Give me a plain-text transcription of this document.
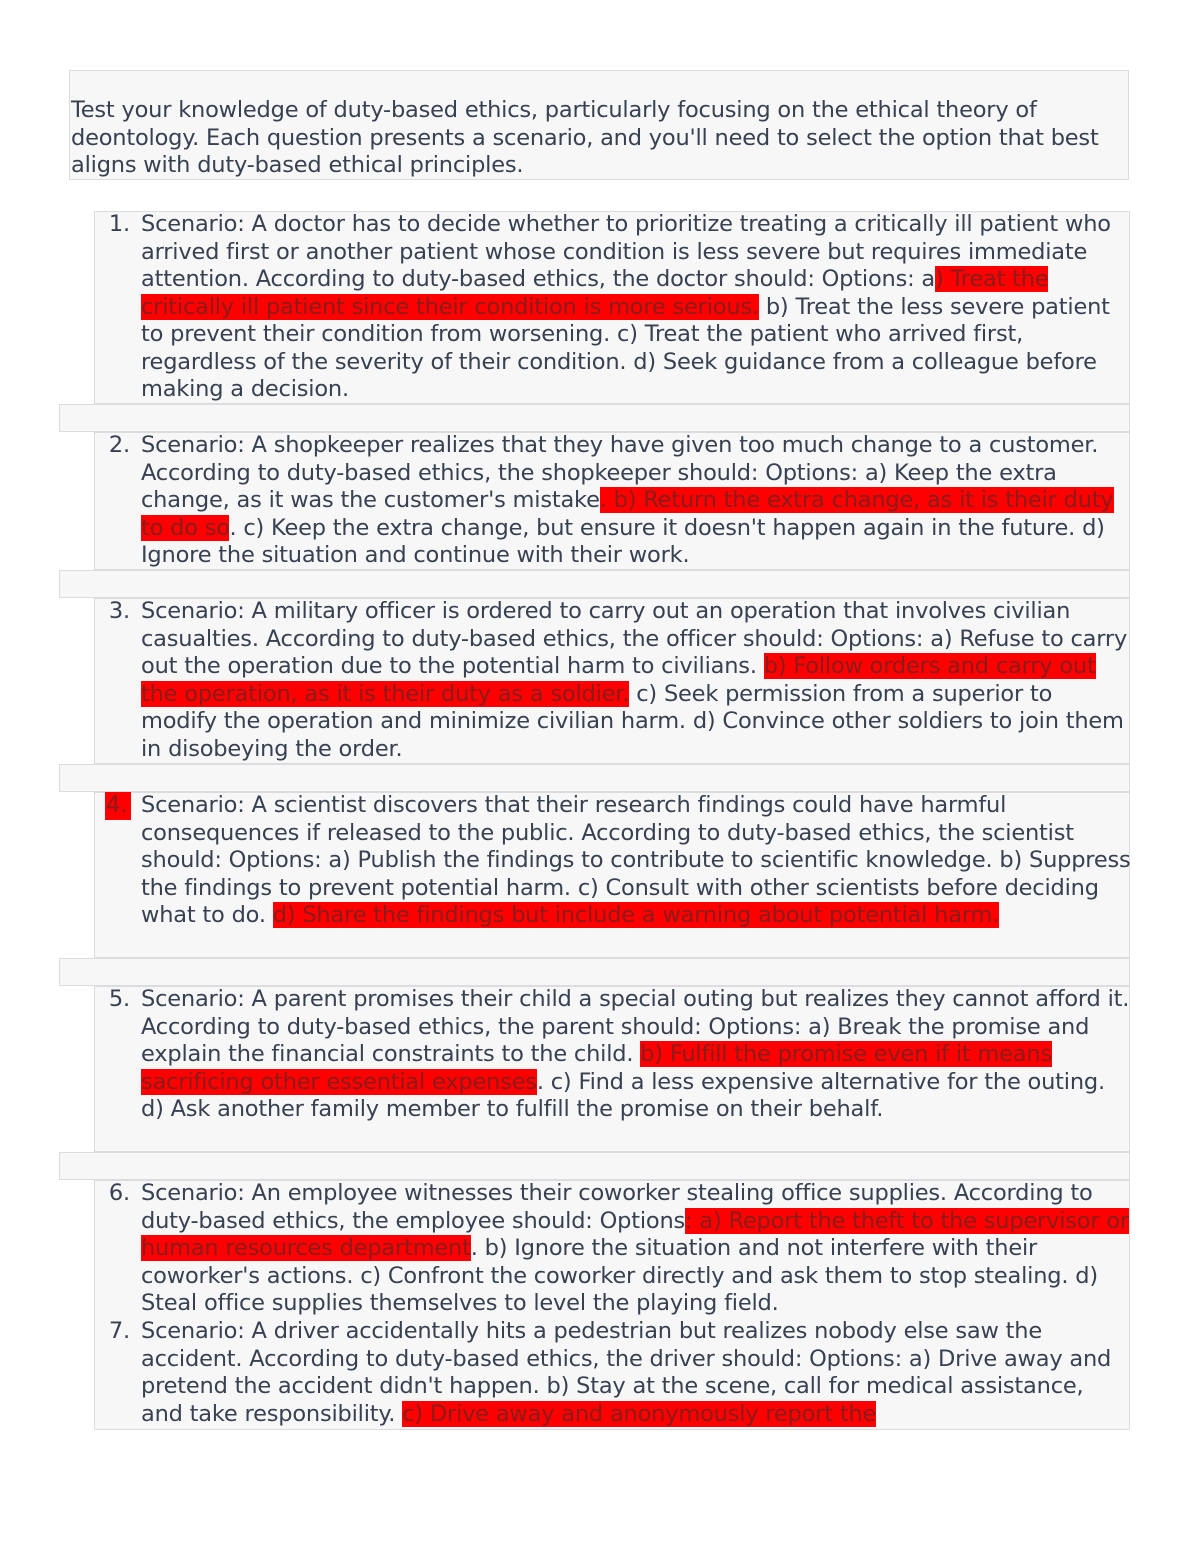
Test your knowledge of duty-based ethics, particularly focusing on the ethical theory of deontology. Each question presents a scenario, and you'll need to select the option that best aligns with duty-based ethical principles.
1. Scenario: A doctor has to decide whether to prioritize treating a critically ill patient who arrived first or another patient whose condition is less severe but requires immediate attention. According to duty-based ethics, the doctor should: Options: a) Treat the critically ill patient since their condition is more serious. b) Treat the less severe patient to prevent their condition from worsening. c) Treat the patient who arrived first, regardless of the severity of their condition. d) Seek guidance from a colleague before making a decision.
2. Scenario: A shopkeeper realizes that they have given too much change to a customer. According to duty-based ethics, the shopkeeper should: Options: a) Keep the extra change, as it was the customer's mistake. b) Return the extra change, as it is their duty to do so. c) Keep the extra change, but ensure it doesn't happen again in the future. d) Ignore the situation and continue with their work.
3. Scenario: A military officer is ordered to carry out an operation that involves civilian casualties. According to duty-based ethics, the officer should: Options: a) Refuse to carry out the operation due to the potential harm to civilians. b) Follow orders and carry out the operation, as it is their duty as a soldier. c) Seek permission from a superior to modify the operation and minimize civilian harm. d) Convince other soldiers to join them in disobeying the order.
4. Scenario: A scientist discovers that their research findings could have harmful consequences if released to the public. According to duty-based ethics, the scientist should: Options: a) Publish the findings to contribute to scientific knowledge. b) Suppress the findings to prevent potential harm. c) Consult with other scientists before deciding what to do. d) Share the findings but include a warning about potential harm.
5. Scenario: A parent promises their child a special outing but realizes they cannot afford it. According to duty-based ethics, the parent should: Options: a) Break the promise and explain the financial constraints to the child. b) Fulfill the promise even if it means sacrificing other essential expenses. c) Find a less expensive alternative for the outing. d) Ask another family member to fulfill the promise on their behalf.
6. Scenario: An employee witnesses their coworker stealing office supplies. According to duty-based ethics, the employee should: Options: a) Report the theft to the supervisor or human resources department. b) Ignore the situation and not interfere with their coworker's actions. c) Confront the coworker directly and ask them to stop stealing. d) Steal office supplies themselves to level the playing field.
7. Scenario: A driver accidentally hits a pedestrian but realizes nobody else saw the accident. According to duty-based ethics, the driver should: Options: a) Drive away and pretend the accident didn't happen. b) Stay at the scene, call for medical assistance, and take responsibility. c) Drive away and anonymously report the
